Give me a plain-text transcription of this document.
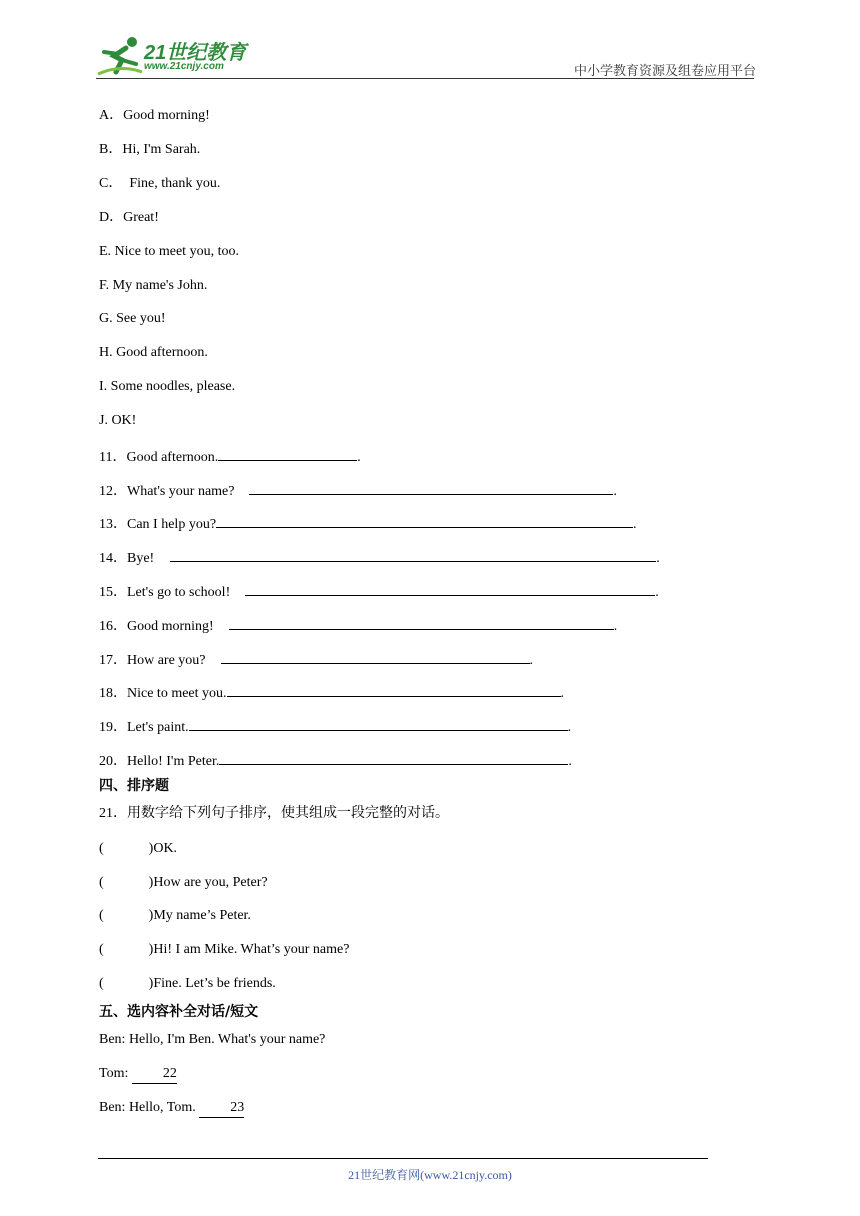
21世纪教育
www.21cnjy.com	中小学教育资源及组卷应用平台
A．Good morning!
B．Hi, I'm Sarah.
C．  Fine, thank you.
D．Great!
E. Nice to meet you, too.
F. My name's John.
G. See you!
H. Good afternoon.
I. Some noodles, please.
J. OK!
11．Good afternoon.	.
12．What's your name?	.
13．Can I help you?	.
14．Bye!	.
15．Let's go to school!	.
16．Good morning!	.
17．How are you?	.
18．Nice to meet you.	.
19．Let's paint.	.
20．Hello! I'm Peter.	.
四、排序题
21．用数字给下列句子排序，使其组成一段完整的对话。
(	)OK.
(	)How are you, Peter?
(	)My name’s Peter.
(	)Hi! I am Mike. What’s your name?
(	)Fine. Let’s be friends.
五、选内容补全对话/短文
Ben: Hello, I'm Ben. What's your name?
Tom: 22
Ben: Hello, Tom. 23
21世纪教育网(www.21cnjy.com)
